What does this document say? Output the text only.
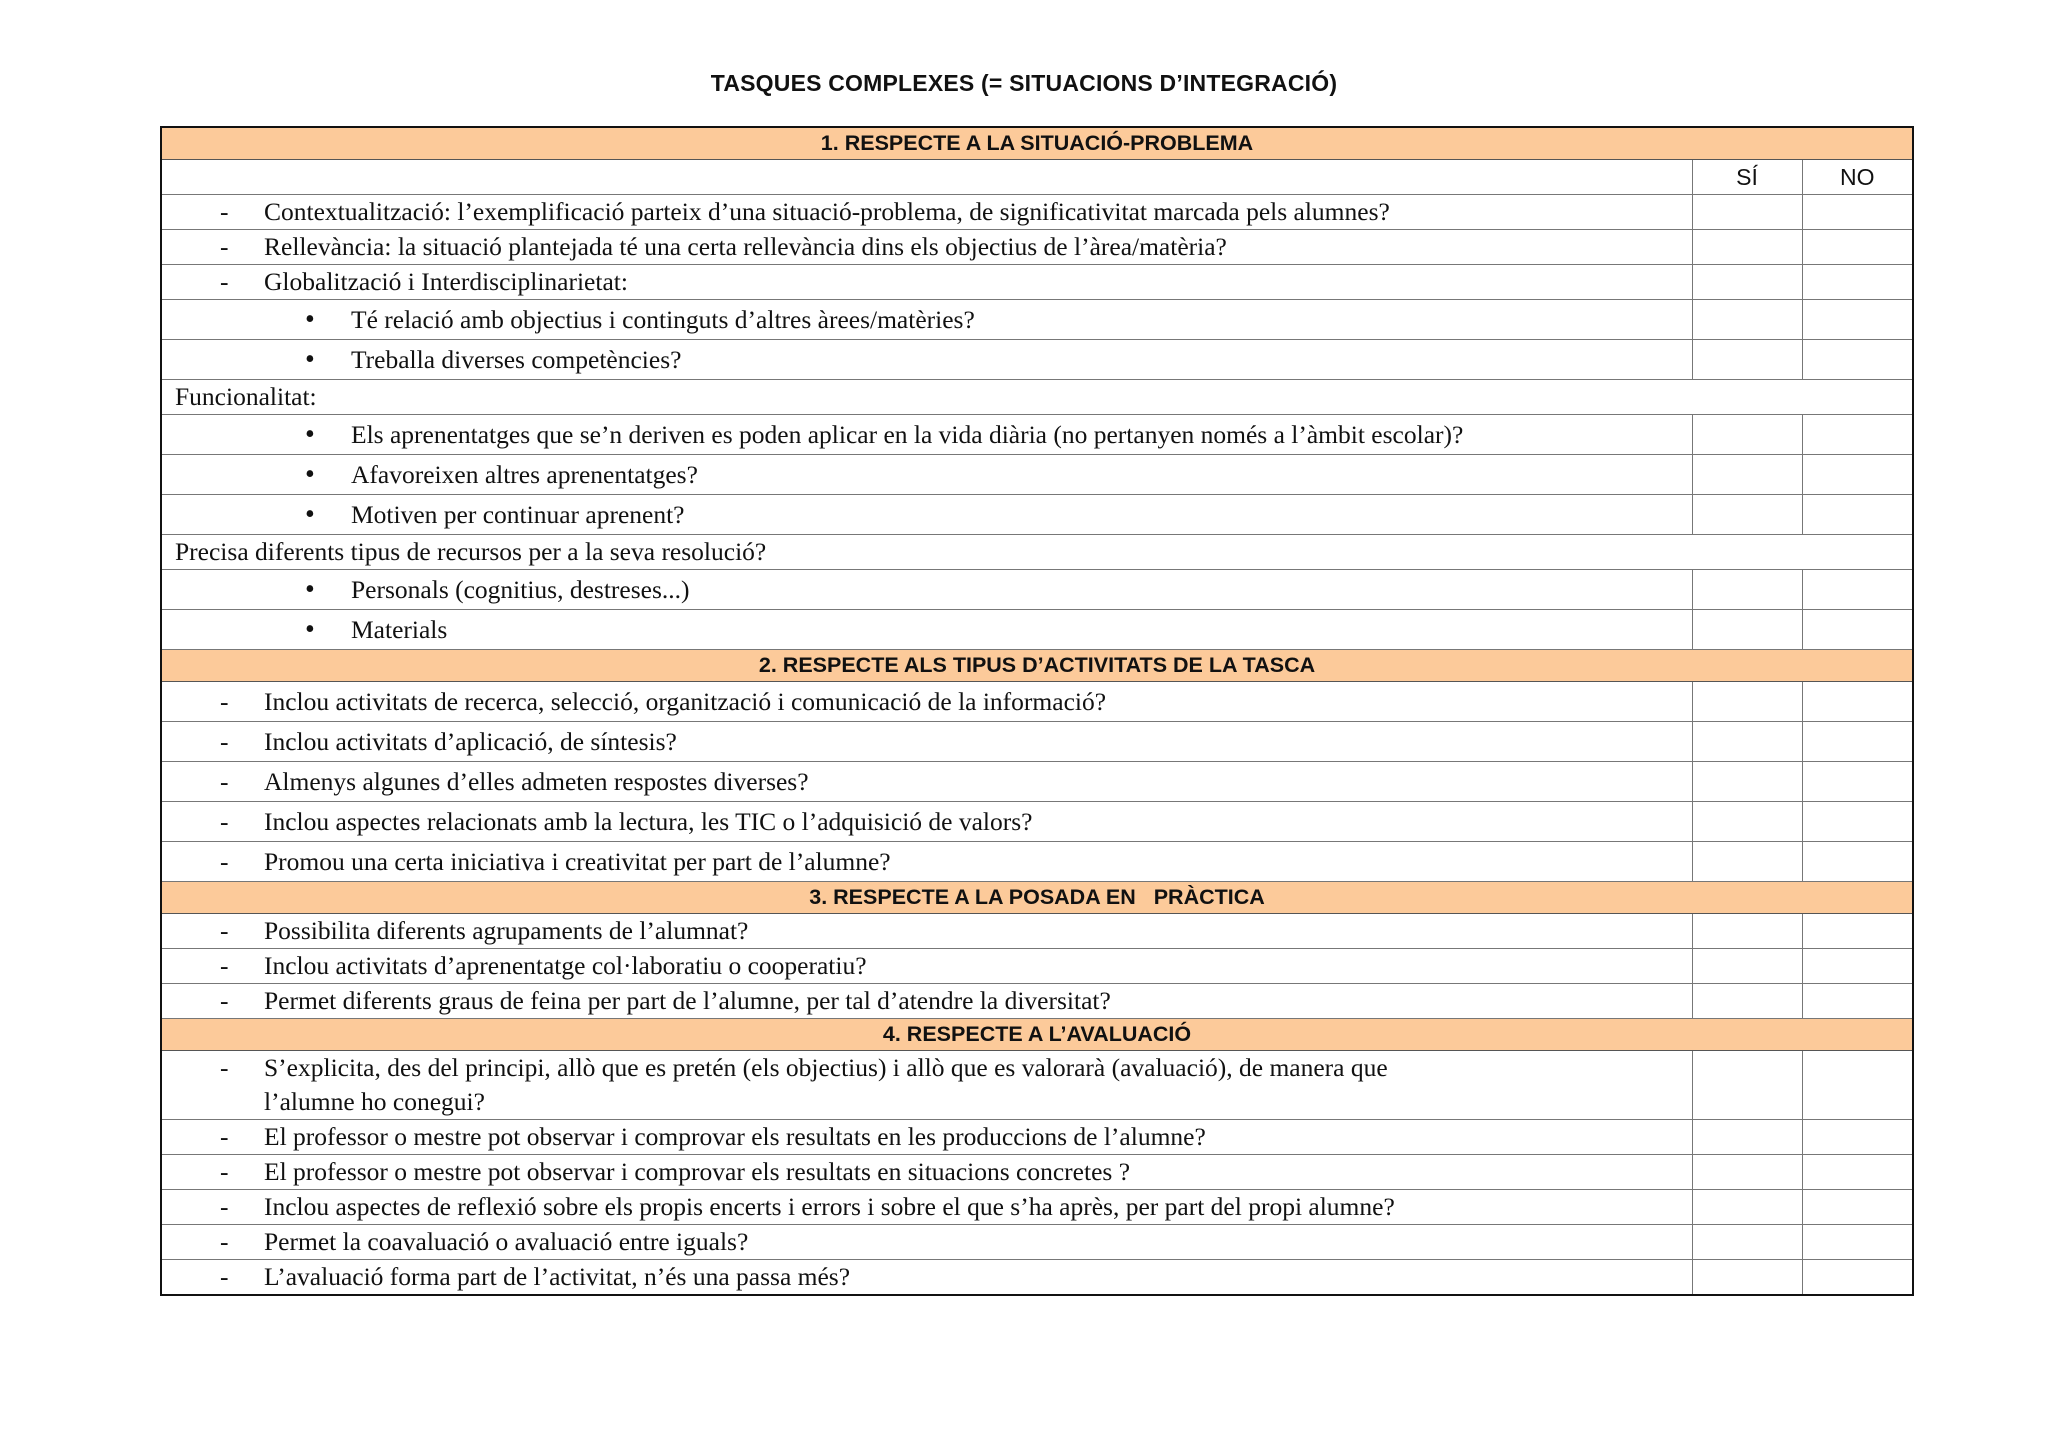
TASQUES COMPLEXES (= SITUACIONS D’INTEGRACIÓ)
1. RESPECTE A LA SITUACIÓ-PROBLEMA		
	SÍ	NO

- Contextualització: l’exemplificació parteix d’una situació-problema, de significativitat marcada pels alumnes?		

- Rellevància: la situació plantejada té una certa rellevància dins els objectius de l’àrea/matèria?		

- Globalització i Interdisciplinarietat:		

• Té relació amb objectius i continguts d’altres àrees/matèries?		

• Treballa diverses competències?		

Funcionalitat:		

• Els aprenentatges que se’n deriven es poden aplicar en la vida diària (no pertanyen només a l’àmbit escolar)?		

• Afavoreixen altres aprenentatges?		

• Motiven per continuar aprenent?		

Precisa diferents tipus de recursos per a la seva resolució?		

• Personals (cognitius, destreses...)		

• Materials		

2. RESPECTE ALS TIPUS D’ACTIVITATS DE LA TASCA		

- Inclou activitats de recerca, selecció, organització i comunicació de la informació?		

- Inclou activitats d’aplicació, de síntesis?		

- Almenys algunes d’elles admeten respostes diverses?		

- Inclou aspectes relacionats amb la lectura, les TIC o l’adquisició de valors?		

- Promou una certa iniciativa i creativitat per part de l’alumne?		

3. RESPECTE A LA POSADA EN   PRÀCTICA		

- Possibilita diferents agrupaments de l’alumnat?		

- Inclou activitats d’aprenentatge col·laboratiu o cooperatiu?		

- Permet diferents graus de feina per part de l’alumne, per tal d’atendre la diversitat?		

4. RESPECTE A L’AVALUACIÓ		

- S’explicita, des del principi, allò que es pretén (els objectius) i allò que es valorarà (avaluació), de manera que
l’alumne ho conegui?		

- El professor o mestre pot observar i comprovar els resultats en les produccions de l’alumne?		

- El professor o mestre pot observar i comprovar els resultats en situacions concretes ?		

- Inclou aspectes de reflexió sobre els propis encerts i errors i sobre el que s’ha après, per part del propi alumne?		

- Permet la coavaluació o avaluació entre iguals?		

- L’avaluació forma part de l’activitat, n’és una passa més?		
